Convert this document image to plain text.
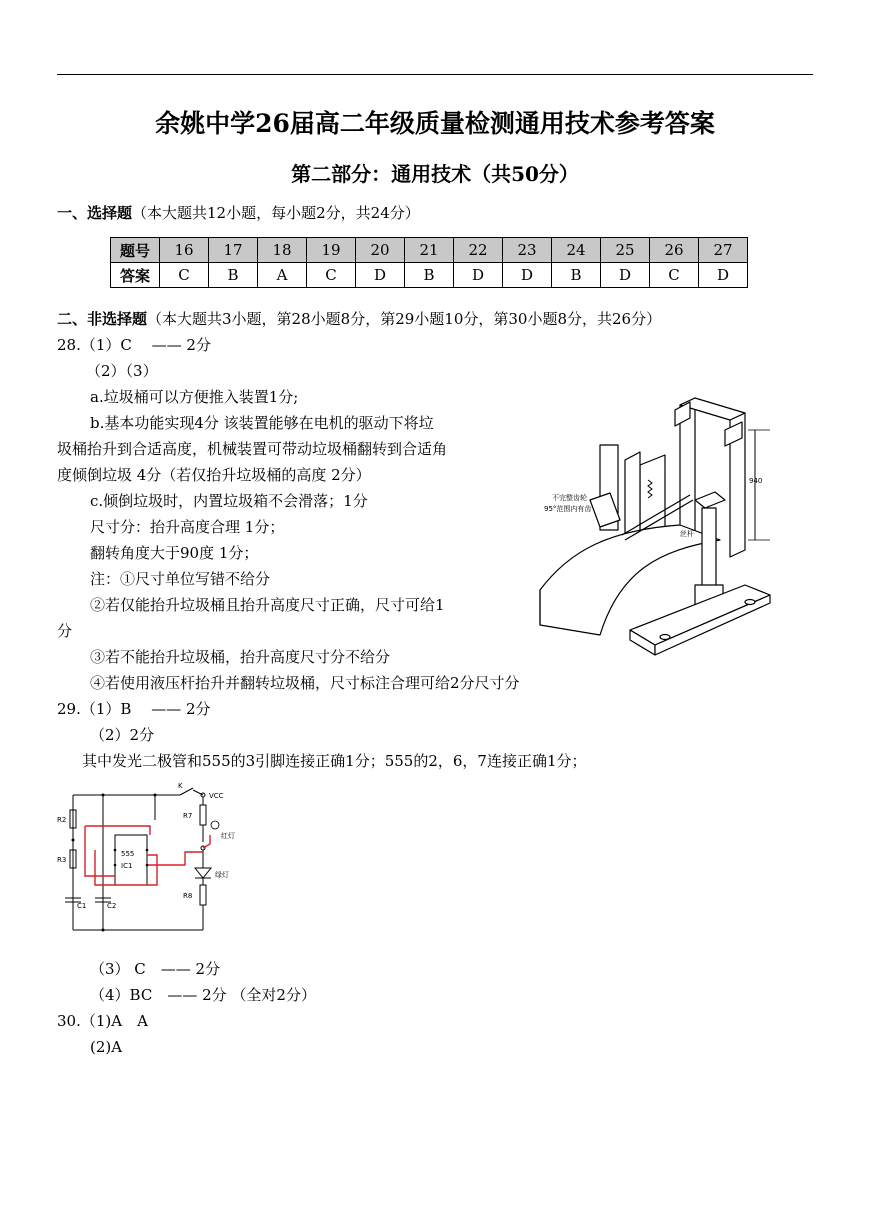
余姚中学26届高二年级质量检测通用技术参考答案
第二部分：通用技术（共50分）
一、选择题（本大题共12小题，每小题2分，共24分）
题号	16	17	18	19	20	21	22	23	24	25	26	27
答案	C	B	A	C	D	B	D	D	B	D	C	D
二、非选择题（本大题共3小题，第28小题8分，第29小题10分，第30小题8分，共26分）
28.（1）C　 —— 2分
（2）（3）
a.垃圾桶可以方便推入装置1分;
b.基本功能实现4分 该装置能够在电机的驱动下将垃
圾桶抬升到合适高度，机械装置可带动垃圾桶翻转到合适角
度倾倒垃圾 4分（若仅抬升垃圾桶的高度 2分）
c.倾倒垃圾时，内置垃圾箱不会滑落；1分
尺寸分：抬升高度合理 1分；
翻转角度大于90度 1分；
注：①尺寸单位写错不给分
②若仅能抬升垃圾桶且抬升高度尺寸正确，尺寸可给1
分
③若不能抬升垃圾桶，抬升高度尺寸分不给分
④若使用液压杆抬升并翻转垃圾桶，尺寸标注合理可给2分尺寸分
940
不完整齿轮
95°范围内有齿
丝杆
29.（1）B　 —— 2分
（2）2分
其中发光二极管和555的3引脚连接正确1分；555的2，6，7连接正确1分；
K
VCC
R2
R3
R7
R8
C1	C2
555
IC1
红灯
绿灯
（3） C　—— 2分
（4）BC　—— 2分 （全对2分）
30.（1)A　A
(2)A
